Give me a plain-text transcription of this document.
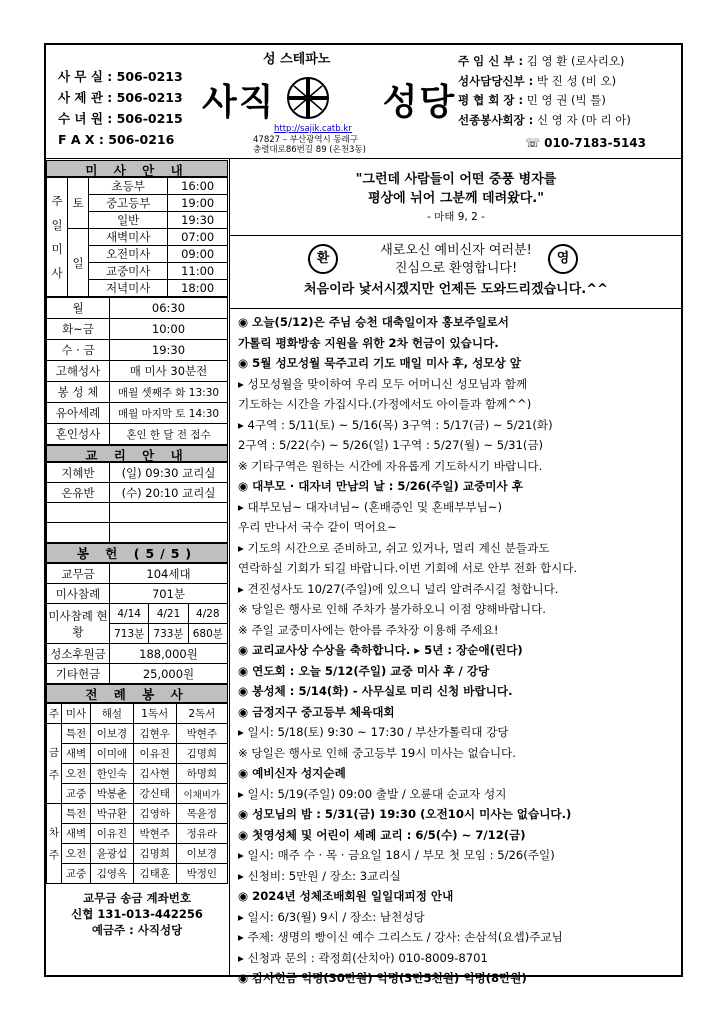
성 스테파노
사 무 실 : 506-0213
사 제 관 : 506-0213
수 녀 원 : 506-0215
F A X : 506-0216
사직	성당
http://sajik.catb.kr
47827 – 부산광역시 동래구
충렬대로86번길 89 (온천3동)
주 임 신 부 : 김 영 환 (로사리오)
성사담당신부 : 박 진 성 (비 오)
평 협 회 장 : 민 영 권 (빅 틀)
선종봉사회장 : 신 영 자 (마 리 아)
☏ 010-7183-5143
미 사 안 내
주일미사	토	초등부	16:00
		중고등부	19:00
		일반	19:30
	일	새벽미사	07:00
		오전미사	09:00
		교중미사	11:00
		저녁미사	18:00
월	06:30
화~금	10:00
수 · 금	19:30
고해성사	매 미사 30분전
봉 성 체	매월 셋째주 화 13:30
유아세례	매월 마지막 토 14:30
혼인성사	혼인 한 달 전 접수
교 리 안 내
지혜반	(일) 09:30 교리실
온유반	(수) 20:10 교리실

봉 헌 (5/5)
교무금	104세대		
미사참례	701분		
미사참례 현황	4/14	4/21	4/28
	713분	733분	680분
성소후원금	188,000원		
기타헌금	25,000원		
전 례 봉 사
주	미사	해설	1독서	2독서

금주	특전	이보경	김현우	박현주
	새벽	이미애	이유진	김명희
	오전	한인숙	김사현	하명희
	교중	박봉춘	강신태	이채비가

차주	특전	박규환	김영하	목윤정
	새벽	이유진	박현주	정유라
	오전	윤광섭	김명희	이보경
	교중	김영옥	김태훈	박정인
교무금 송금 계좌번호
신협 131-013-442256
예금주 : 사직성당
"그런데 사람들이 어떤 중풍 병자를
평상에 뉘어 그분께 데려왔다."
- 마태 9, 2 -
환	영
새로오신 예비신자 여러분!
진심으로 환영합니다!
처음이라 낯서시겠지만 언제든 도와드리겠습니다.^^
◉ 오늘(5/12)은 주님 승천 대축일이자 홍보주일로서
가톨릭 평화방송 지원을 위한 2차 헌금이 있습니다.
◉ 5월 성모성월 묵주고리 기도 매일 미사 후, 성모상 앞
▸ 성모성월을 맞이하여 우리 모두 어머니신 성모님과 함께
기도하는 시간을 가집시다.(가정에서도 아이들과 함께^^)
▸ 4구역 : 5/11(토) ~ 5/16(목) 3구역 : 5/17(금) ~ 5/21(화)
2구역 : 5/22(수) ~ 5/26(일) 1구역 : 5/27(월) ~ 5/31(금)
※ 기타구역은 원하는 시간에 자유롭게 기도하시기 바랍니다.
◉ 대부모 · 대자녀 만남의 날 : 5/26(주일) 교중미사 후
▸ 대부모님~ 대자녀님~ (혼배증인 및 혼배부부님~)
우리 만나서 국수 같이 먹어요~
▸ 기도의 시간으로 준비하고, 쉬고 있거나, 멀리 계신 분들과도
연락하실 기회가 되길 바랍니다.이번 기회에 서로 안부 전화 합시다.
▸ 견진성사도 10/27(주일)에 있으니 널리 알려주시길 청합니다.
※ 당일은 행사로 인해 주차가 불가하오니 이점 양해바랍니다.
※ 주일 교중미사에는 한아름 주차장 이용해 주세요!
◉ 교리교사상 수상을 축하합니다. ▸ 5년 : 장순애(린다)
◉ 연도회 : 오늘 5/12(주일) 교중 미사 후 / 강당
◉ 봉성체 : 5/14(화) - 사무실로 미리 신청 바랍니다.
◉ 금정지구 중고등부 체육대회
▸ 일시: 5/18(토) 9:30 ~ 17:30 / 부산가톨릭대 강당
※ 당일은 행사로 인해 중고등부 19시 미사는 없습니다.
◉ 예비신자 성지순례
▸ 일시: 5/19(주일) 09:00 출발 / 오륜대 순교자 성지
◉ 성모님의 밤 : 5/31(금) 19:30 (오전10시 미사는 없습니다.)
◉ 첫영성체 및 어린이 세례 교리 : 6/5(수) ~ 7/12(금)
▸ 일시: 매주 수 · 목 · 금요일 18시 / 부모 첫 모임 : 5/26(주일)
▸ 신청비: 5만원 / 장소: 3교리실
◉ 2024년 성체조배회원 일일대피정 안내
▸ 일시: 6/3(월) 9시 / 장소: 남천성당
▸ 주제: 생명의 빵이신 예수 그리스도 / 강사: 손삼석(요셉)주교님
▸ 신청과 문의 : 곽정희(산치아) 010-8009-8701
◉ 감사헌금 익명(30만원) 익명(3만5천원) 익명(8만원)
